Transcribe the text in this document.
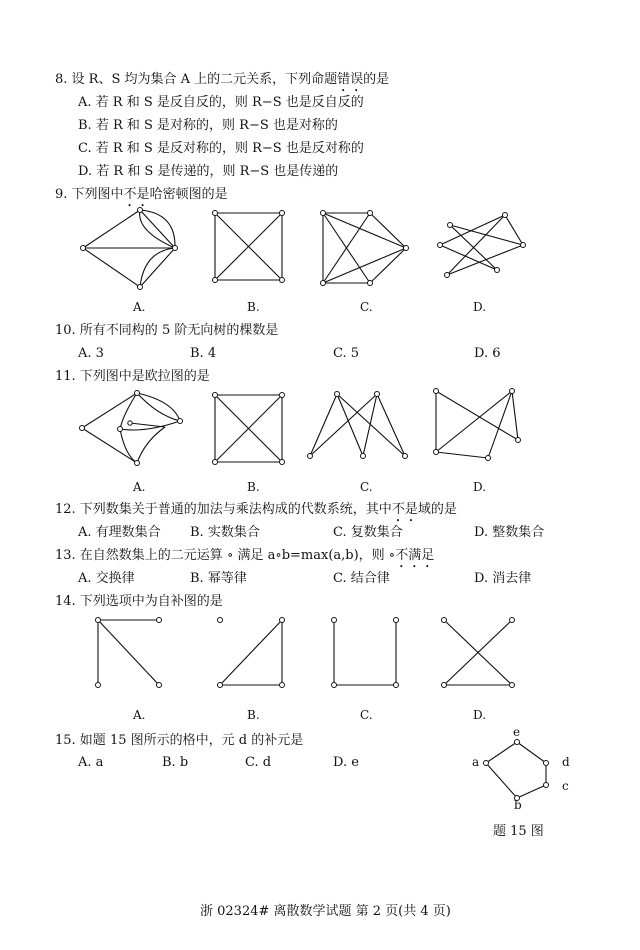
8. 设 R、S 均为集合 A 上的二元关系，下列命题错误的是
A. 若 R 和 S 是反自反的，则 R−S 也是反自反的
B. 若 R 和 S 是对称的，则 R−S 也是对称的
C. 若 R 和 S 是反对称的，则 R−S 也是反对称的
D. 若 R 和 S 是传递的，则 R−S 也是传递的
9. 下列图中不是哈密顿图的是
A.	B.	C.	D.
10. 所有不同构的 5 阶无向树的棵数是
A. 3	B. 4	C. 5	D. 6
11. 下列图中是欧拉图的是
A.	B.	C.	D.
12. 下列数集关于普通的加法与乘法构成的代数系统，其中不是域的是
A. 有理数集合 B. 实数集合	C. 复数集合	D. 整数集合
13. 在自然数集上的二元运算 ∘ 满足 a∘b=max(a,b)，则 ∘不满足
A. 交换律	B. 幂等律	C. 结合律	D. 消去律
14. 下列选项中为自补图的是
A.	B.	C.	D.
15. 如题 15 图所示的格中，元 d 的补元是
A. a	B. b	C. d	D. e
e
a	d
c
b
题 15 图
浙 02324# 离散数学试题 第 2 页(共 4 页)
